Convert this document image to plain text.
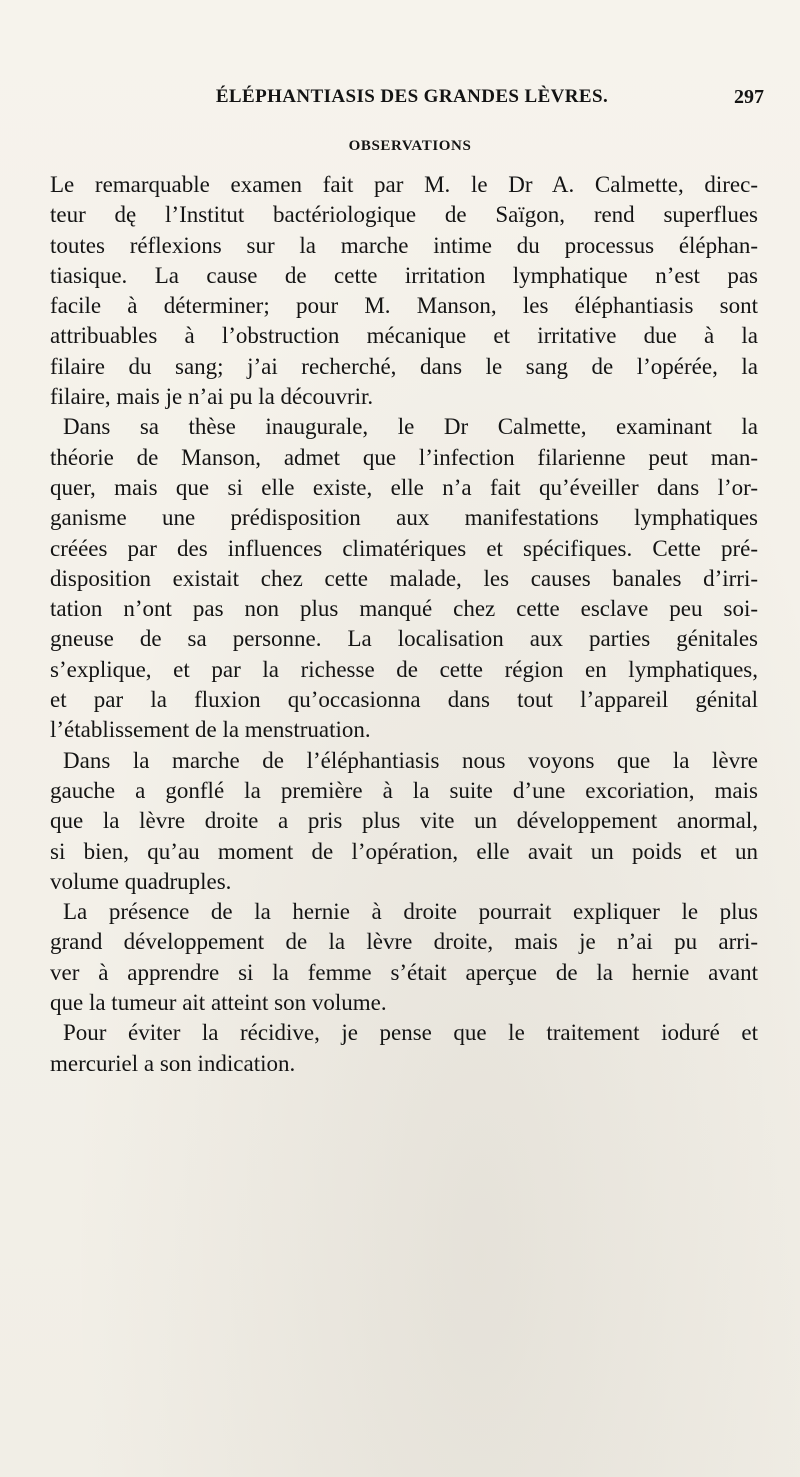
ÉLÉPHANTIASIS DES GRANDES LÈVRES.	297
OBSERVATIONS
Le remarquable examen fait par M. le Dr A. Calmette, direc-
teur dę l’Institut bactériologique de Saïgon, rend superflues
toutes réflexions sur la marche intime du processus éléphan-
tiasique. La cause de cette irritation lymphatique n’est pas
facile à déterminer; pour M. Manson, les éléphantiasis sont
attribuables à l’obstruction mécanique et irritative due à la
filaire du sang; j’ai recherché, dans le sang de l’opérée, la
filaire, mais je n’ai pu la découvrir.
Dans sa thèse inaugurale, le Dr Calmette, examinant la
théorie de Manson, admet que l’infection filarienne peut man-
quer, mais que si elle existe, elle n’a fait qu’éveiller dans l’or-
ganisme une prédisposition aux manifestations lymphatiques
créées par des influences climatériques et spécifiques. Cette pré-
disposition existait chez cette malade, les causes banales d’irri-
tation n’ont pas non plus manqué chez cette esclave peu soi-
gneuse de sa personne. La localisation aux parties génitales
s’explique, et par la richesse de cette région en lymphatiques,
et par la fluxion qu’occasionna dans tout l’appareil génital
l’établissement de la menstruation.
Dans la marche de l’éléphantiasis nous voyons que la lèvre
gauche a gonflé la première à la suite d’une excoriation, mais
que la lèvre droite a pris plus vite un développement anormal,
si bien, qu’au moment de l’opération, elle avait un poids et un
volume quadruples.
La présence de la hernie à droite pourrait expliquer le plus
grand développement de la lèvre droite, mais je n’ai pu arri-
ver à apprendre si la femme s’était aperçue de la hernie avant
que la tumeur ait atteint son volume.
Pour éviter la récidive, je pense que le traitement ioduré et
mercuriel a son indication.
